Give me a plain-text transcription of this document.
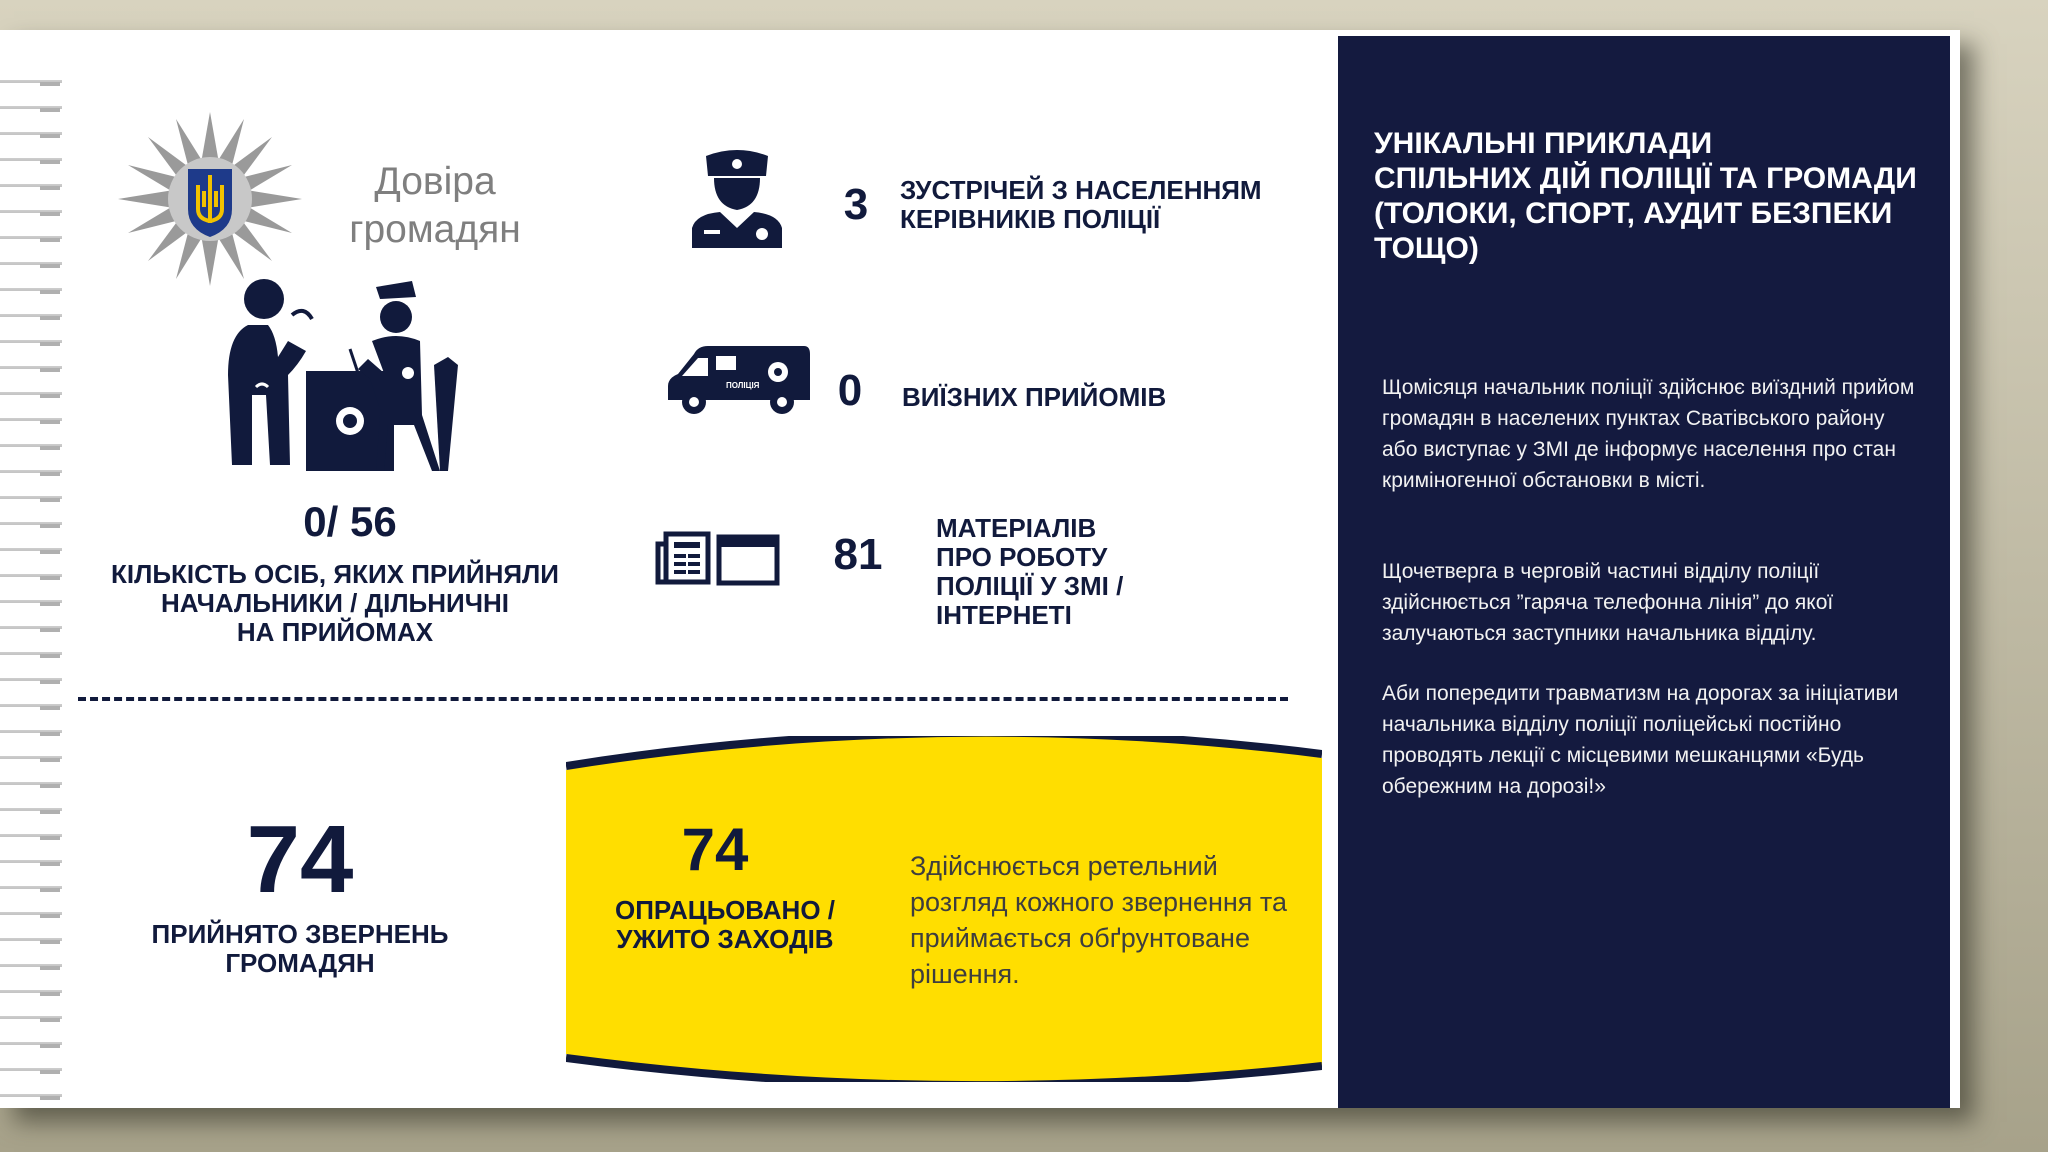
Довіра
громадян
0/ 56
КІЛЬКІСТЬ ОСІБ, ЯКИХ ПРИЙНЯЛИ
НАЧАЛЬНИКИ / ДІЛЬНИЧНІ
НА ПРИЙОМАХ
3	ЗУСТРІЧЕЙ З НАСЕЛЕННЯМ
КЕРІВНИКІВ ПОЛІЦІЇ
ПОЛІЦІЯ	0	ВИЇЗНИХ ПРИЙОМІВ
81
МАТЕРІАЛІВ
ПРО РОБОТУ
ПОЛІЦІЇ У ЗМІ /
ІНТЕРНЕТІ
74
ПРИЙНЯТО ЗВЕРНЕНЬ
ГРОМАДЯН
74
ОПРАЦЬОВАНО /
УЖИТО ЗАХОДІВ
Здійснюється ретельний
розгляд кожного звернення та
приймається обґрунтоване
рішення.
УНІКАЛЬНІ ПРИКЛАДИ
СПІЛЬНИХ ДІЙ ПОЛІЦІЇ ТА ГРОМАДИ
(ТОЛОКИ, СПОРТ, АУДИТ БЕЗПЕКИ
ТОЩО)
Щомісяця начальник поліції здійснює виїздний прийом громадян в населених пунктах Сватівського району або виступає у ЗМІ де інформує населення про стан криміногенної обстановки в місті.
Щочетверга в черговій частині відділу поліції здійснюється ”гаряча телефонна лінія” до якої залучаються заступники начальника відділу.
Аби попередити травматизм на дорогах за ініціативи начальника відділу поліції поліцейські постійно проводять лекції с місцевими мешканцями «Будь обережним на дорозі!»
